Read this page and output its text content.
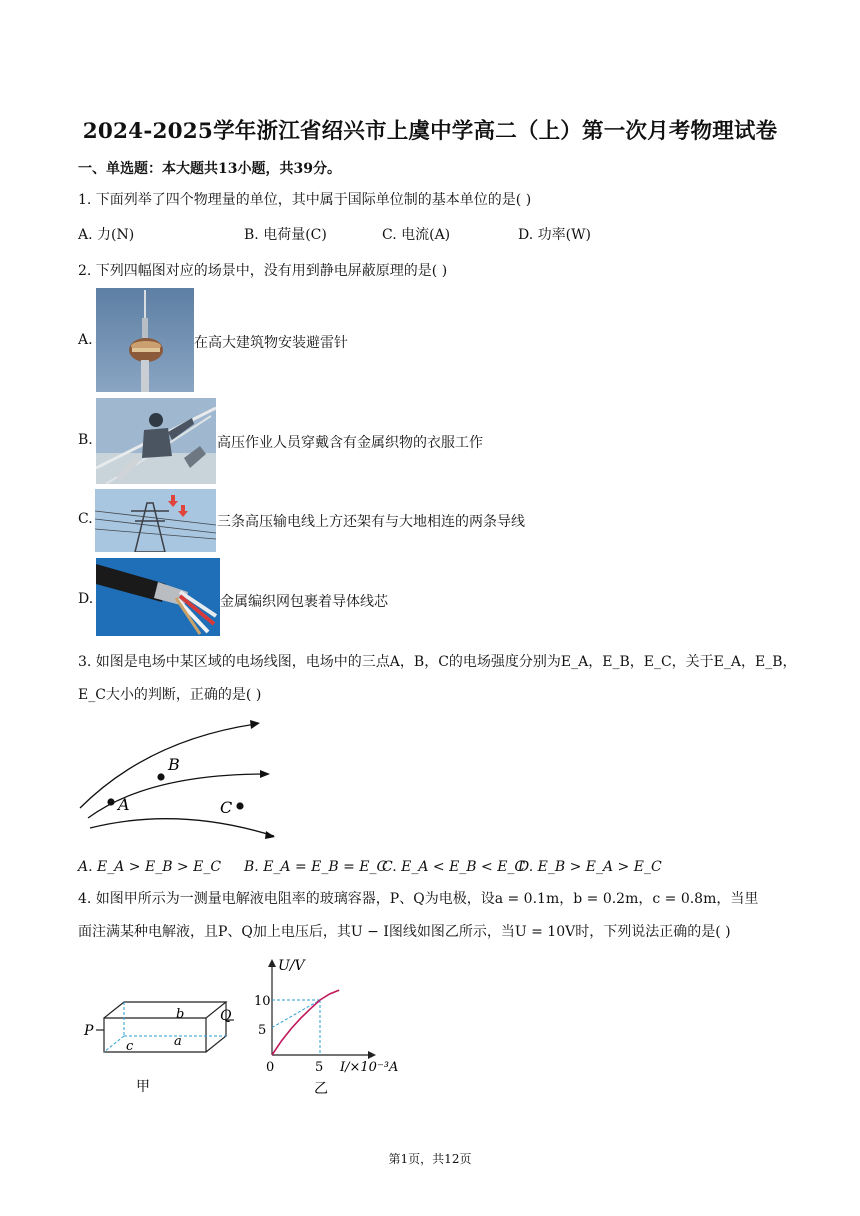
2024-2025学年浙江省绍兴市上虞中学高二（上）第一次月考物理试卷
一、单选题：本大题共13小题，共39分。
1. 下面列举了四个物理量的单位，其中属于国际单位制的基本单位的是( )
A. 力(N)	B. 电荷量(C)	C. 电流(A)	D. 功率(W)
2. 下列四幅图对应的场景中，没有用到静电屏蔽原理的是( )
A.	在高大建筑物安装避雷针
B.	高压作业人员穿戴含有金属织物的衣服工作
C.	三条高压输电线上方还架有与大地相连的两条导线
D.	金属编织网包裹着导体线芯
3. 如图是电场中某区域的电场线图，电场中的三点A，B，C的电场强度分别为E_A，E_B，E_C，关于E_A，E_B，
E_C大小的判断，正确的是( )
A
B
C
A. E_A > E_B > E_C B. E_A = E_B = E_C
C. E_A < E_B < E_C
D. E_B > E_A > E_C
4. 如图甲所示为一测量电解液电阻率的玻璃容器，P、Q为电极，设a = 0.1m，b = 0.2m，c = 0.8m，当里
面注满某种电解液，且P、Q加上电压后，其U − I图线如图乙所示，当U = 10V时，下列说法正确的是( )
P
Q
b
a
c
甲
U/V
10
5
0	5 I/×10⁻³A
乙
第1页，共12页
